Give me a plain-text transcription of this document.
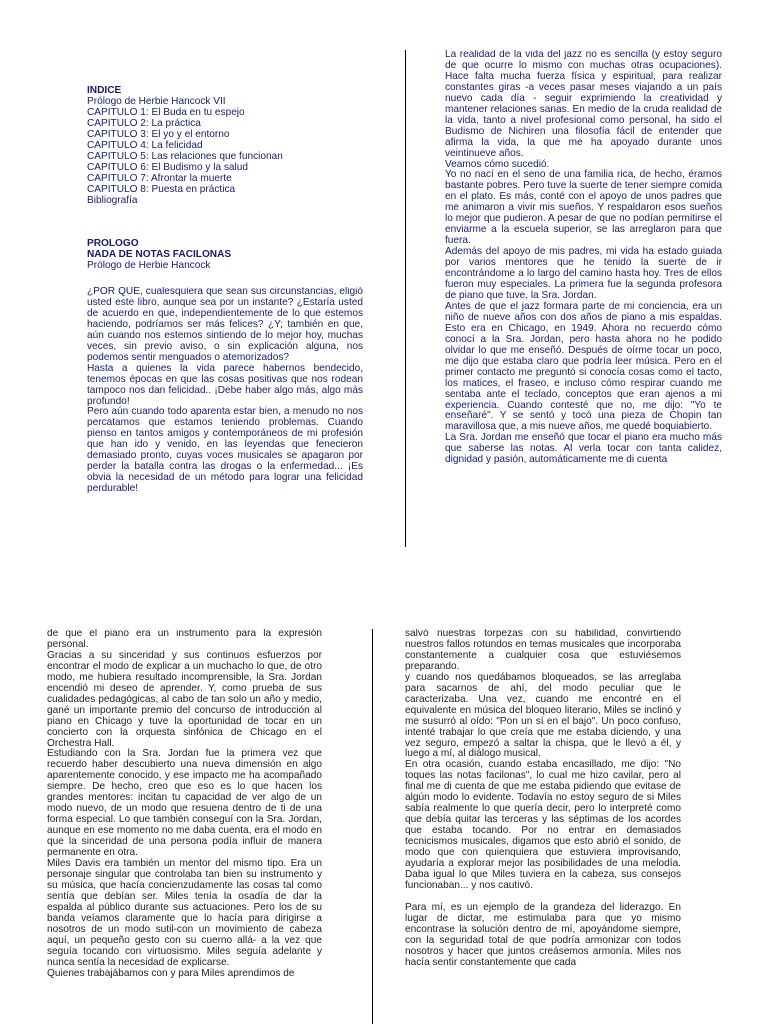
INDICE

Prólogo de Herbie Hancock VII

CAPITULO 1: El Buda en tu espejo

CAPITULO 2: La práctica

CAPITULO 3: El yo y el entorno

CAPITULO 4: La felicidad

CAPITULO 5: Las relaciones que funcionan

CAPITULO 6: El Budismo y la salud

CAPITULO 7: Afrontar la muerte

CAPITULO 8: Puesta en práctica

Bibliografía

PROLOGO

NADA DE NOTAS FACILONAS

Prólogo de Herbie Hancock

¿POR QUÉ, cualesquiera que sean sus circunstancias, eligió usted este libro, aunque sea por un instante? ¿Estaría usted de acuerdo en que, independientemente de lo que estemos haciendo, podríamos ser más felices? ¿Y; también en que, aún cuando nos estemos sintiendo de lo mejor hoy, muchas veces, sin previo aviso, o sin explicación alguna, nos podemos sentir menguados o atemorizados?

Hasta a quienes la vida parece habernos bendecido, tenemos épocas en que las cosas positivas que nos rodean tampoco nos dan felicidad.. ¡Debe haber algo más, algo más profundo!

Pero aún cuando todo aparenta estar bien, a menudo no nos percatamos que estamos teniendo problemas. Cuando pienso en tantos amigos y contemporáneos de mi profesión que han ido y venido, en las leyendas que fenecieron demasiado pronto, cuyas voces musicales se apagaron por perder la batalla contra las drogas o la enfermedad... ¡Es obvia la necesidad de un método para lograr una felicidad perdurable!

La realidad de la vida del jazz no es sencilla (y estoy seguro de que ocurre lo mismo con muchas otras ocupaciones). Hace falta mucha fuerza física y espiritual, para realizar constantes giras -a veces pasar meses viajando a un país nuevo cada día - seguir exprimiendo la creatividad y mantener relaciones sanas. En medio de la cruda realidad de la vida, tanto a nivel profesional como personal, ha sido el Budismo de Nichiren una filosofía fácil de entender que afirma la vida, la que me ha apoyado durante unos veintinueve años.

Veamos cómo sucedió.

Yo no nací en el seno de una familia rica, de hecho, éramos bastante pobres. Pero tuve la suerte de tener siempre comida en el plato. Es más, conté con el apoyo de unos padres que me animaron a vivir mis sueños. Y respaldaron esos sueños lo mejor que pudieron. A pesar de que no podían permitirse el enviarme a la escuela superior, se las arreglaron para que fuera.

Además del apoyo de mis padres, mi vida ha estado guiada por varios mentores que he tenido la suerte de ir encontrándome a lo largo del camino hasta hoy. Tres de ellos fueron muy especiales. La primera fue la segunda profesora de piano que tuve, la Sra. Jordan.

Antes de que el jazz formara parte de mi conciencia, era un niño de nueve años con dos años de piano a mis espaldas. Esto era en Chicago, en 1949. Ahora no recuerdo cómo conocí a la Sra. Jordan, pero hasta ahora no he podido olvidar lo que me enseñó. Después de oírme tocar un poco, me dijo que estaba claro que podría leer música. Pero en el primer contacto me preguntó si conocía cosas como el tacto, los matices, el fraseo, e incluso cómo respirar cuando me sentaba ante el teclado, conceptos que eran ajenos a mi experiencia. Cuando contesté que no, me dijo: "Yo te enseñaré". Y se sentó y tocó una pieza de Chopin tan maravillosa que, a mis nueve años, me quedé boquiabierto.

La Sra. Jordan me enseñó que tocar el piano era mucho más que saberse las notas. Al verla tocar con tanta calidez, dignidad y pasión, automáticamente me di cuenta

de que el piano era un instrumento para la expresión personal.

Gracias a su sinceridad y sus continuos esfuerzos por encontrar el modo de explicar a un muchacho lo que, de otro modo, me hubiera resultado incomprensible, la Sra. Jordan encendió mi deseo de aprender. Y, como prueba de sus cualidades pedagógicas, al cabo de tan solo un año y medio, gané un importante premio del concurso de introducción al piano en Chicago y tuve la oportunidad de tocar en un concierto con la orquesta sinfónica de Chicago en el Orchestra Hall.

Estudiando con la Sra. Jordan fue la primera vez que recuerdo haber descubierto una nueva dimensión en algo aparentemente conocido, y ese impacto me ha acompañado siempre. De hecho, creo que eso es lo que hacen los grandes mentores: incitan tu capacidad de ver algo de un modo nuevo, de un modo que resuena dentro de ti de una forma especial. Lo que también conseguí con la Sra. Jordan, aunque en ese momento no me daba cuenta, era el modo en que la sinceridad de una persona podía influir de manera permanente en otra.

Miles Davis era también un mentor del mismo tipo. Era un personaje singular que controlaba tan bien su instrumento y su música, que hacía concienzudamente las cosas tal como sentía que debían ser. Miles tenía la osadía de dar la espalda al público durante sus actuaciones. Pero los de su banda veíamos claramente que lo hacía para dirigirse a nosotros de un modo sutil-con un movimiento de cabeza aquí, un pequeño gesto con su cuerno allá- a la vez que seguía tocando con virtuosismo. Miles seguía adelante y nunca sentía la necesidad de explicarse.

Quienes trabajábamos con y para Miles aprendimos de

salvó nuestras torpezas con su habilidad, convirtiendo nuestros fallos rotundos en temas musicales que incorporaba constantemente a cualquier cosa que estuviésemos preparando.

y cuando nos quedábamos bloqueados, se las arreglaba para sacarnos de ahí, del modo peculiar que le caracterizaba. Una vez, cuando me encontré en el equivalente en música del bloqueo literario, Miles se inclinó y me susurró al oído: "Pon un sí en el bajo". Un poco confuso, intenté trabajar lo que creía que me estaba diciendo, y una vez seguro, empezó a saltar la chispa, que le llevó a él, y luego a mí, al diálogo musical.

En otra ocasión, cuando estaba encasillado, me dijo: "No toques las notas facilonas", lo cual me hizo cavilar, pero al final me di cuenta de que me estaba pidiendo que evitase de algún modo lo evidente. Todavía no estoy seguro de si Miles sabía realmente lo que quería decir, pero lo interpreté como que debía quitar las terceras y las séptimas de los acordes que estaba tocando. Por no entrar en demasiados tecnicismos musicales, digamos que esto abrió el sonido, de modo que con quienquiera que estuviera improvisando, ayudaría a explorar mejor las posibilidades de una melodía. Daba igual lo que Miles tuviera en la cabeza, sus consejos funcionaban... y nos cautivó.

Para mí, es un ejemplo de la grandeza del liderazgo. En lugar de dictar, me estimulaba para que yo mismo encontrase la solución dentro de mí, apoyándome siempre, con la seguridad total de que podría armonizar con todos nosotros y hacer que juntos creásemos armonía. Miles nos hacía sentir constantemente que cada
